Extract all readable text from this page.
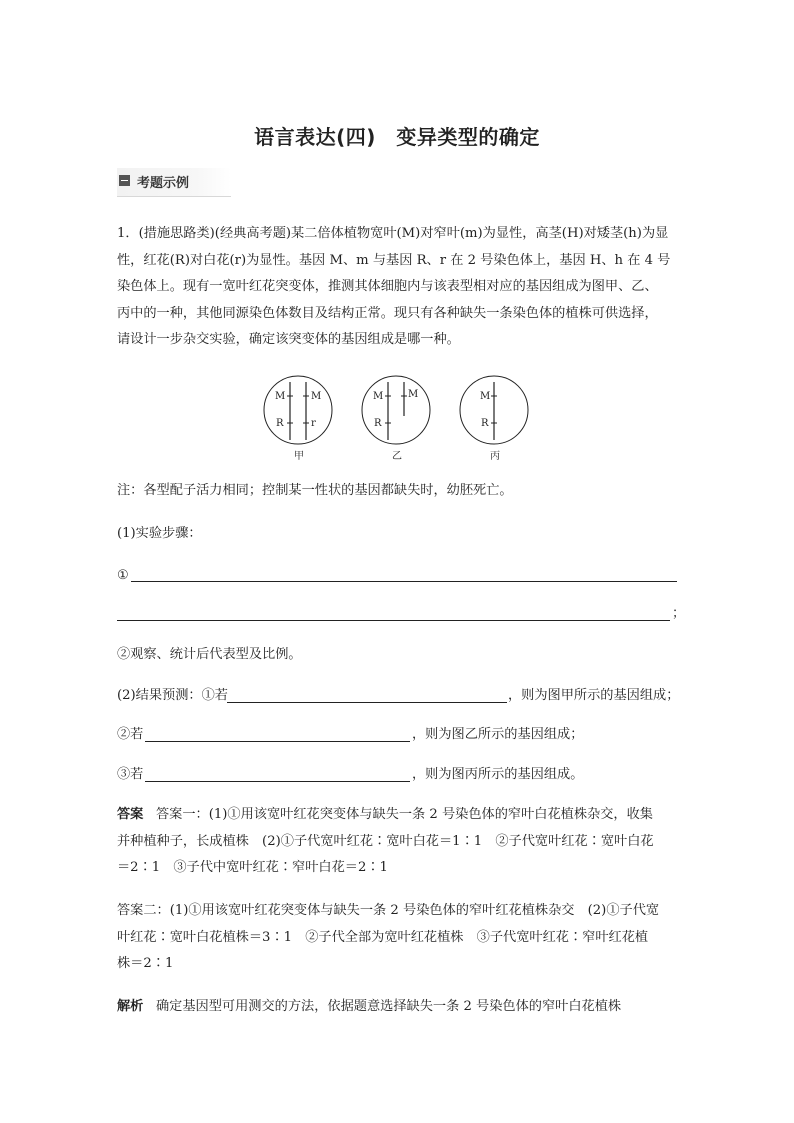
语言表达(四)　变异类型的确定
考题示例
1．(措施思路类)(经典高考题)某二倍体植物宽叶(M)对窄叶(m)为显性，高茎(H)对矮茎(h)为显
性，红花(R)对白花(r)为显性。基因 M、m 与基因 R、r 在 2 号染色体上，基因 H、h 在 4 号
染色体上。现有一宽叶红花突变体，推测其体细胞内与该表型相对应的基因组成为图甲、乙、
丙中的一种，其他同源染色体数目及结构正常。现只有各种缺失一条染色体的植株可供选择，
请设计一步杂交实验，确定该突变体的基因组成是哪一种。
M	M
R	r
甲
M M
R
乙
M
R
丙
注：各型配子活力相同；控制某一性状的基因都缺失时，幼胚死亡。
(1)实验步骤：
①
；
②观察、统计后代表型及比例。
(2)结果预测：①若	，则为图甲所示的基因组成；
②若	，则为图乙所示的基因组成；
③若	，则为图丙所示的基因组成。
答案 答案一：(1)①用该宽叶红花突变体与缺失一条 2 号染色体的窄叶白花植株杂交，收集
并种植种子，长成植株　(2)①子代宽叶红花∶宽叶白花＝1∶1　②子代宽叶红花∶宽叶白花
＝2∶1　③子代中宽叶红花∶窄叶白花＝2∶1
答案二：(1)①用该宽叶红花突变体与缺失一条 2 号染色体的窄叶红花植株杂交　(2)①子代宽
叶红花∶宽叶白花植株＝3∶1　②子代全部为宽叶红花植株　③子代宽叶红花∶窄叶红花植
株＝2∶1
解析 确定基因型可用测交的方法，依据题意选择缺失一条 2 号染色体的窄叶白花植株
